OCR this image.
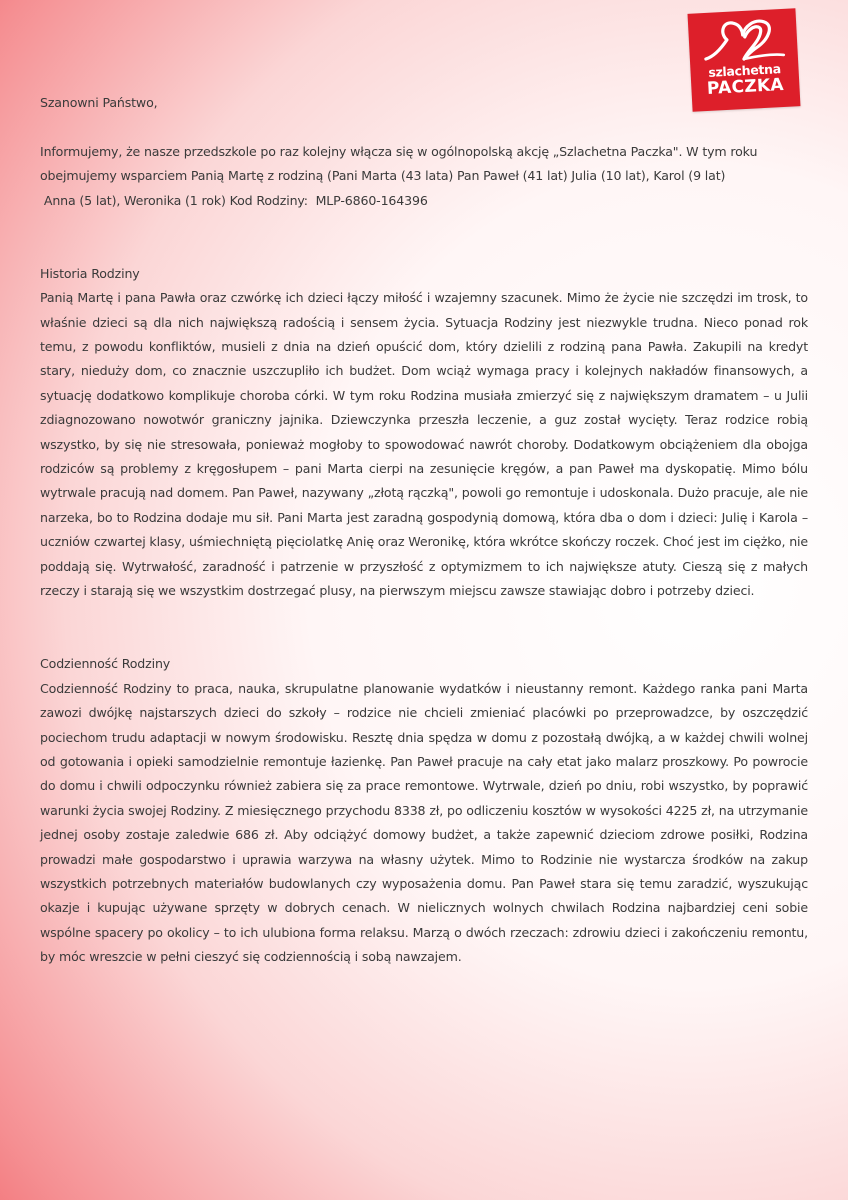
szlachetna
PACZKA

Szanowni Państwo,

Informujemy, że nasze przedszkole po raz kolejny włącza się w ogólnopolską akcję „Szlachetna Paczka". W tym roku

obejmujemy wsparciem Panią Martę z rodziną (Pani Marta (43 lata) Pan Paweł (41 lat) Julia (10 lat), Karol (9 lat)

Anna (5 lat), Weronika (1 rok) Kod Rodziny:  MLP-6860-164396

Historia Rodziny

Panią Martę i pana Pawła oraz czwórkę ich dzieci łączy miłość i wzajemny szacunek. Mimo że życie nie szczędzi im trosk, to właśnie dzieci są dla nich największą radością i sensem życia. Sytuacja Rodziny jest niezwykle trudna. Nieco ponad rok temu, z powodu konfliktów, musieli z dnia na dzień opuścić dom, który dzielili z rodziną pana Pawła. Zakupili na kredyt stary, niedużу dom, co znacznie uszczupliło ich budżet. Dom wciąż wymaga pracy i kolejnych nakładów finansowych, a sytuację dodatkowo komplikuje choroba córki. W tym roku Rodzina musiała zmierzyć się z największym dramatem – u Julii zdiagnozowano nowotwór graniczny jajnika. Dziewczynka przeszła leczenie, a guz został wycięty. Teraz rodzice robią wszystko, by się nie stresowała, ponieważ mogłoby to spowodować nawrót choroby. Dodatkowym obciążeniem dla obojga rodziców są problemy z kręgosłupem – pani Marta cierpi na zesunięcie kręgów, a pan Paweł ma dyskopatię. Mimo bólu wytrwale pracują nad domem. Pan Paweł, nazywany „złotą rączką", powoli go remontuje i udoskonala. Dużo pracuje, ale nie narzeka, bo to Rodzina dodaje mu sił. Pani Marta jest zaradną gospodynią domową, która dba o dom i dzieci: Julię i Karola – uczniów czwartej klasy, uśmiechniętą pięciolatkę Anię oraz Weronikę, która wkrótce skończy roczek. Choć jest im ciężko, nie poddają się. Wytrwałość, zaradność i patrzenie w przyszłość z optymizmem to ich największe atuty. Cieszą się z małych rzeczy i starają się we wszystkim dostrzegać plusy, na pierwszym miejscu zawsze stawiając dobro i potrzeby dzieci.

Codzienność Rodziny

Codzienność Rodziny to praca, nauka, skrupulatne planowanie wydatków i nieustanny remont. Każdego ranka pani Marta zawozi dwójkę najstarszych dzieci do szkoły – rodzice nie chcieli zmieniać placówki po przeprowadzce, by oszczędzić pociechom trudu adaptacji w nowym środowisku. Resztę dnia spędza w domu z pozostałą dwójką, a w każdej chwili wolnej od gotowania i opieki samodzielnie remontuje łazienkę. Pan Paweł pracuje na cały etat jako malarz proszkowy. Po powrocie do domu i chwili odpoczynku również zabiera się za prace remontowe. Wytrwale, dzień po dniu, robi wszystko, by poprawić warunki życia swojej Rodziny. Z miesięcznego przychodu 8338 zł, po odliczeniu kosztów w wysokości 4225 zł, na utrzymanie jednej osoby zostaje zaledwie 686 zł. Aby odciążyć domowy budżet, a także zapewnić dzieciom zdrowe posiłki, Rodzina prowadzi małe gospodarstwo i uprawia warzywa na własny użytek. Mimo to Rodzinie nie wystarcza środków na zakup wszystkich potrzebnych materiałów budowlanych czy wyposażenia domu. Pan Paweł stara się temu zaradzić, wyszukując okazje i kupując używane sprzęty w dobrych cenach. W nielicznych wolnych chwilach Rodzina najbardziej ceni sobie wspólne spacery po okolicy – to ich ulubiona forma relaksu. Marzą o dwóch rzeczach: zdrowiu dzieci i zakończeniu remontu, by móc wreszcie w pełni cieszyć się codziennością i sobą nawzajem.
